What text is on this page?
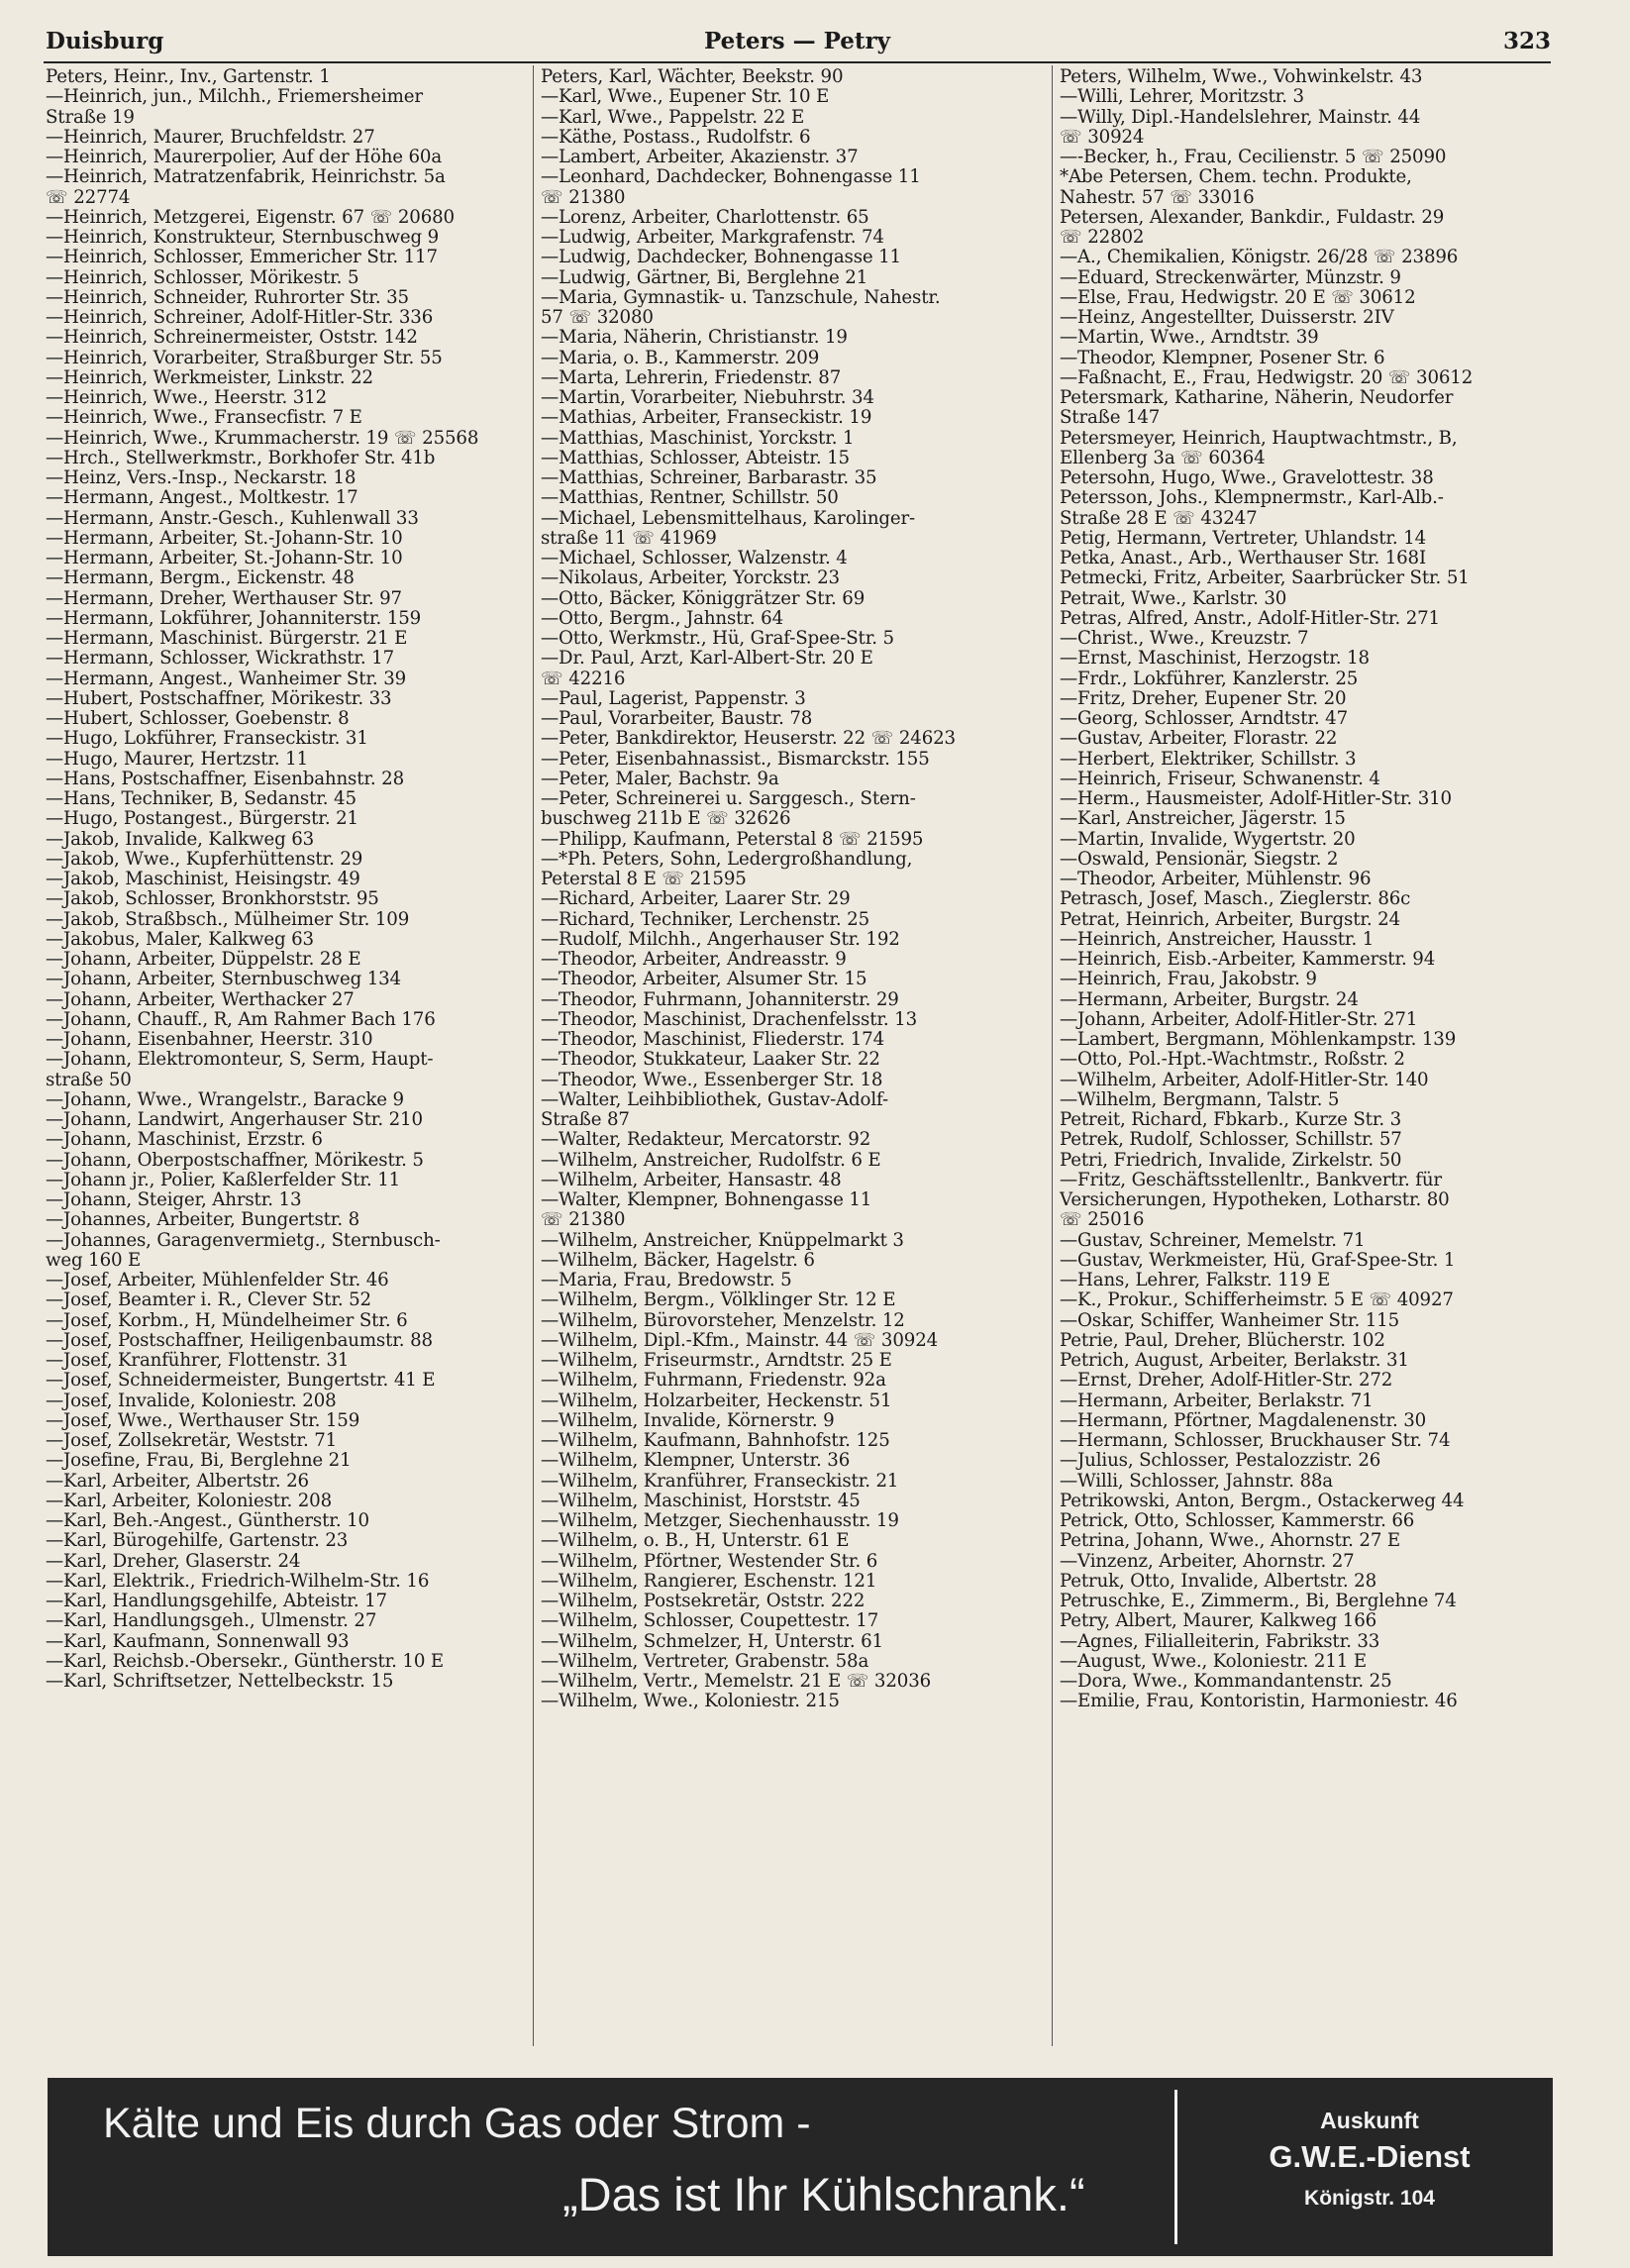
Duisburg	Peters — Petry	323
Peters, Heinr., Inv., Gartenstr. 1
—Heinrich, jun., Milchh., Friemersheimer
Straße 19
—Heinrich, Maurer, Bruchfeldstr. 27
—Heinrich, Maurerpolier, Auf der Höhe 60a
—Heinrich, Matratzenfabrik, Heinrichstr. 5a
☏ 22774
—Heinrich, Metzgerei, Eigenstr. 67 ☏ 20680
—Heinrich, Konstrukteur, Sternbuschweg 9
—Heinrich, Schlosser, Emmericher Str. 117
—Heinrich, Schlosser, Mörikestr. 5
—Heinrich, Schneider, Ruhrorter Str. 35
—Heinrich, Schreiner, Adolf-Hitler-Str. 336
—Heinrich, Schreinermeister, Oststr. 142
—Heinrich, Vorarbeiter, Straßburger Str. 55
—Heinrich, Werkmeister, Linkstr. 22
—Heinrich, Wwe., Heerstr. 312
—Heinrich, Wwe., Fransecfistr. 7 E
—Heinrich, Wwe., Krummacherstr. 19 ☏ 25568
—Hrch., Stellwerkmstr., Borkhofer Str. 41b
—Heinz, Vers.-Insp., Neckarstr. 18
—Hermann, Angest., Moltkestr. 17
—Hermann, Anstr.-Gesch., Kuhlenwall 33
—Hermann, Arbeiter, St.-Johann-Str. 10
—Hermann, Arbeiter, St.-Johann-Str. 10
—Hermann, Bergm., Eickenstr. 48
—Hermann, Dreher, Werthauser Str. 97
—Hermann, Lokführer, Johanniterstr. 159
—Hermann, Maschinist. Bürgerstr. 21 E
—Hermann, Schlosser, Wickrathstr. 17
—Hermann, Angest., Wanheimer Str. 39
—Hubert, Postschaffner, Mörikestr. 33
—Hubert, Schlosser, Goebenstr. 8
—Hugo, Lokführer, Franseckistr. 31
—Hugo, Maurer, Hertzstr. 11
—Hans, Postschaffner, Eisenbahnstr. 28
—Hans, Techniker, B, Sedanstr. 45
—Hugo, Postangest., Bürgerstr. 21
—Jakob, Invalide, Kalkweg 63
—Jakob, Wwe., Kupferhüttenstr. 29
—Jakob, Maschinist, Heisingstr. 49
—Jakob, Schlosser, Bronkhorststr. 95
—Jakob, Straßbsch., Mülheimer Str. 109
—Jakobus, Maler, Kalkweg 63
—Johann, Arbeiter, Düppelstr. 28 E
—Johann, Arbeiter, Sternbuschweg 134
—Johann, Arbeiter, Werthacker 27
—Johann, Chauff., R, Am Rahmer Bach 176
—Johann, Eisenbahner, Heerstr. 310
—Johann, Elektromonteur, S, Serm, Haupt-
straße 50
—Johann, Wwe., Wrangelstr., Baracke 9
—Johann, Landwirt, Angerhauser Str. 210
—Johann, Maschinist, Erzstr. 6
—Johann, Oberpostschaffner, Mörikestr. 5
—Johann jr., Polier, Kaßlerfelder Str. 11
—Johann, Steiger, Ahrstr. 13
—Johannes, Arbeiter, Bungertstr. 8
—Johannes, Garagenvermietg., Sternbusch-
weg 160 E
—Josef, Arbeiter, Mühlenfelder Str. 46
—Josef, Beamter i. R., Clever Str. 52
—Josef, Korbm., H, Mündelheimer Str. 6
—Josef, Postschaffner, Heiligenbaumstr. 88
—Josef, Kranführer, Flottenstr. 31
—Josef, Schneidermeister, Bungertstr. 41 E
—Josef, Invalide, Koloniestr. 208
—Josef, Wwe., Werthauser Str. 159
—Josef, Zollsekretär, Weststr. 71
—Josefine, Frau, Bi, Berglehne 21
—Karl, Arbeiter, Albertstr. 26
—Karl, Arbeiter, Koloniestr. 208
—Karl, Beh.-Angest., Güntherstr. 10
—Karl, Bürogehilfe, Gartenstr. 23
—Karl, Dreher, Glaserstr. 24
—Karl, Elektrik., Friedrich-Wilhelm-Str. 16
—Karl, Handlungsgehilfe, Abteistr. 17
—Karl, Handlungsgeh., Ulmenstr. 27
—Karl, Kaufmann, Sonnenwall 93
—Karl, Reichsb.-Obersekr., Güntherstr. 10 E
—Karl, Schriftsetzer, Nettelbeckstr. 15
Peters, Karl, Wächter, Beekstr. 90
—Karl, Wwe., Eupener Str. 10 E
—Karl, Wwe., Pappelstr. 22 E
—Käthe, Postass., Rudolfstr. 6
—Lambert, Arbeiter, Akazienstr. 37
—Leonhard, Dachdecker, Bohnengasse 11
☏ 21380
—Lorenz, Arbeiter, Charlottenstr. 65
—Ludwig, Arbeiter, Markgrafenstr. 74
—Ludwig, Dachdecker, Bohnengasse 11
—Ludwig, Gärtner, Bi, Berglehne 21
—Maria, Gymnastik- u. Tanzschule, Nahestr.
57 ☏ 32080
—Maria, Näherin, Christianstr. 19
—Maria, o. B., Kammerstr. 209
—Marta, Lehrerin, Friedenstr. 87
—Martin, Vorarbeiter, Niebuhrstr. 34
—Mathias, Arbeiter, Franseckistr. 19
—Matthias, Maschinist, Yorckstr. 1
—Matthias, Schlosser, Abteistr. 15
—Matthias, Schreiner, Barbarastr. 35
—Matthias, Rentner, Schillstr. 50
—Michael, Lebensmittelhaus, Karolinger-
straße 11 ☏ 41969
—Michael, Schlosser, Walzenstr. 4
—Nikolaus, Arbeiter, Yorckstr. 23
—Otto, Bäcker, Königgrätzer Str. 69
—Otto, Bergm., Jahnstr. 64
—Otto, Werkmstr., Hü, Graf-Spee-Str. 5
—Dr. Paul, Arzt, Karl-Albert-Str. 20 E
☏ 42216
—Paul, Lagerist, Pappenstr. 3
—Paul, Vorarbeiter, Baustr. 78
—Peter, Bankdirektor, Heuserstr. 22 ☏ 24623
—Peter, Eisenbahnassist., Bismarckstr. 155
—Peter, Maler, Bachstr. 9a
—Peter, Schreinerei u. Sarggesch., Stern-
buschweg 211b E ☏ 32626
—Philipp, Kaufmann, Peterstal 8 ☏ 21595
—*Ph. Peters, Sohn, Ledergroßhandlung,
Peterstal 8 E ☏ 21595
—Richard, Arbeiter, Laarer Str. 29
—Richard, Techniker, Lerchenstr. 25
—Rudolf, Milchh., Angerhauser Str. 192
—Theodor, Arbeiter, Andreasstr. 9
—Theodor, Arbeiter, Alsumer Str. 15
—Theodor, Fuhrmann, Johanniterstr. 29
—Theodor, Maschinist, Drachenfelsstr. 13
—Theodor, Maschinist, Fliederstr. 174
—Theodor, Stukkateur, Laaker Str. 22
—Theodor, Wwe., Essenberger Str. 18
—Walter, Leihbibliothek, Gustav-Adolf-
Straße 87
—Walter, Redakteur, Mercatorstr. 92
—Wilhelm, Anstreicher, Rudolfstr. 6 E
—Wilhelm, Arbeiter, Hansastr. 48
—Walter, Klempner, Bohnengasse 11
☏ 21380
—Wilhelm, Anstreicher, Knüppelmarkt 3
—Wilhelm, Bäcker, Hagelstr. 6
—Maria, Frau, Bredowstr. 5
—Wilhelm, Bergm., Völklinger Str. 12 E
—Wilhelm, Bürovorsteher, Menzelstr. 12
—Wilhelm, Dipl.-Kfm., Mainstr. 44 ☏ 30924
—Wilhelm, Friseurmstr., Arndtstr. 25 E
—Wilhelm, Fuhrmann, Friedenstr. 92a
—Wilhelm, Holzarbeiter, Heckenstr. 51
—Wilhelm, Invalide, Körnerstr. 9
—Wilhelm, Kaufmann, Bahnhofstr. 125
—Wilhelm, Klempner, Unterstr. 36
—Wilhelm, Kranführer, Franseckistr. 21
—Wilhelm, Maschinist, Horststr. 45
—Wilhelm, Metzger, Siechenhausstr. 19
—Wilhelm, o. B., H, Unterstr. 61 E
—Wilhelm, Pförtner, Westender Str. 6
—Wilhelm, Rangierer, Eschenstr. 121
—Wilhelm, Postsekretär, Oststr. 222
—Wilhelm, Schlosser, Coupettestr. 17
—Wilhelm, Schmelzer, H, Unterstr. 61
—Wilhelm, Vertreter, Grabenstr. 58a
—Wilhelm, Vertr., Memelstr. 21 E ☏ 32036
—Wilhelm, Wwe., Koloniestr. 215
Peters, Wilhelm, Wwe., Vohwinkelstr. 43
—Willi, Lehrer, Moritzstr. 3
—Willy, Dipl.-Handelslehrer, Mainstr. 44
☏ 30924
—-Becker, h., Frau, Cecilienstr. 5 ☏ 25090
*Abe Petersen, Chem. techn. Produkte,
Nahestr. 57 ☏ 33016
Petersen, Alexander, Bankdir., Fuldastr. 29
☏ 22802
—A., Chemikalien, Königstr. 26/28 ☏ 23896
—Eduard, Streckenwärter, Münzstr. 9
—Else, Frau, Hedwigstr. 20 E ☏ 30612
—Heinz, Angestellter, Duisserstr. 2IV
—Martin, Wwe., Arndtstr. 39
—Theodor, Klempner, Posener Str. 6
—Faßnacht, E., Frau, Hedwigstr. 20 ☏ 30612
Petersmark, Katharine, Näherin, Neudorfer
Straße 147
Petersmeyer, Heinrich, Hauptwachtmstr., B,
Ellenberg 3a ☏ 60364
Petersohn, Hugo, Wwe., Gravelottestr. 38
Petersson, Johs., Klempnermstr., Karl-Alb.-
Straße 28 E ☏ 43247
Petig, Hermann, Vertreter, Uhlandstr. 14
Petka, Anast., Arb., Werthauser Str. 168I
Petmecki, Fritz, Arbeiter, Saarbrücker Str. 51
Petrait, Wwe., Karlstr. 30
Petras, Alfred, Anstr., Adolf-Hitler-Str. 271
—Christ., Wwe., Kreuzstr. 7
—Ernst, Maschinist, Herzogstr. 18
—Frdr., Lokführer, Kanzlerstr. 25
—Fritz, Dreher, Eupener Str. 20
—Georg, Schlosser, Arndtstr. 47
—Gustav, Arbeiter, Florastr. 22
—Herbert, Elektriker, Schillstr. 3
—Heinrich, Friseur, Schwanenstr. 4
—Herm., Hausmeister, Adolf-Hitler-Str. 310
—Karl, Anstreicher, Jägerstr. 15
—Martin, Invalide, Wygertstr. 20
—Oswald, Pensionär, Siegstr. 2
—Theodor, Arbeiter, Mühlenstr. 96
Petrasch, Josef, Masch., Zieglerstr. 86c
Petrat, Heinrich, Arbeiter, Burgstr. 24
—Heinrich, Anstreicher, Hausstr. 1
—Heinrich, Eisb.-Arbeiter, Kammerstr. 94
—Heinrich, Frau, Jakobstr. 9
—Hermann, Arbeiter, Burgstr. 24
—Johann, Arbeiter, Adolf-Hitler-Str. 271
—Lambert, Bergmann, Möhlenkampstr. 139
—Otto, Pol.-Hpt.-Wachtmstr., Roßstr. 2
—Wilhelm, Arbeiter, Adolf-Hitler-Str. 140
—Wilhelm, Bergmann, Talstr. 5
Petreit, Richard, Fbkarb., Kurze Str. 3
Petrek, Rudolf, Schlosser, Schillstr. 57
Petri, Friedrich, Invalide, Zirkelstr. 50
—Fritz, Geschäftsstellenltr., Bankvertr. für
Versicherungen, Hypotheken, Lotharstr. 80
☏ 25016
—Gustav, Schreiner, Memelstr. 71
—Gustav, Werkmeister, Hü, Graf-Spee-Str. 1
—Hans, Lehrer, Falkstr. 119 E
—K., Prokur., Schifferheimstr. 5 E ☏ 40927
—Oskar, Schiffer, Wanheimer Str. 115
Petrie, Paul, Dreher, Blücherstr. 102
Petrich, August, Arbeiter, Berlakstr. 31
—Ernst, Dreher, Adolf-Hitler-Str. 272
—Hermann, Arbeiter, Berlakstr. 71
—Hermann, Pförtner, Magdalenenstr. 30
—Hermann, Schlosser, Bruckhauser Str. 74
—Julius, Schlosser, Pestalozzistr. 26
—Willi, Schlosser, Jahnstr. 88a
Petrikowski, Anton, Bergm., Ostackerweg 44
Petrick, Otto, Schlosser, Kammerstr. 66
Petrina, Johann, Wwe., Ahornstr. 27 E
—Vinzenz, Arbeiter, Ahornstr. 27
Petruk, Otto, Invalide, Albertstr. 28
Petruschke, E., Zimmerm., Bi, Berglehne 74
Petry, Albert, Maurer, Kalkweg 166
—Agnes, Filialleiterin, Fabrikstr. 33
—August, Wwe., Koloniestr. 211 E
—Dora, Wwe., Kommandantenstr. 25
—Emilie, Frau, Kontoristin, Harmoniestr. 46
Kälte und Eis durch Gas oder Strom -
„Das ist Ihr Kühlschrank.“
Auskunft
G.W.E.-Dienst
Königstr. 104
